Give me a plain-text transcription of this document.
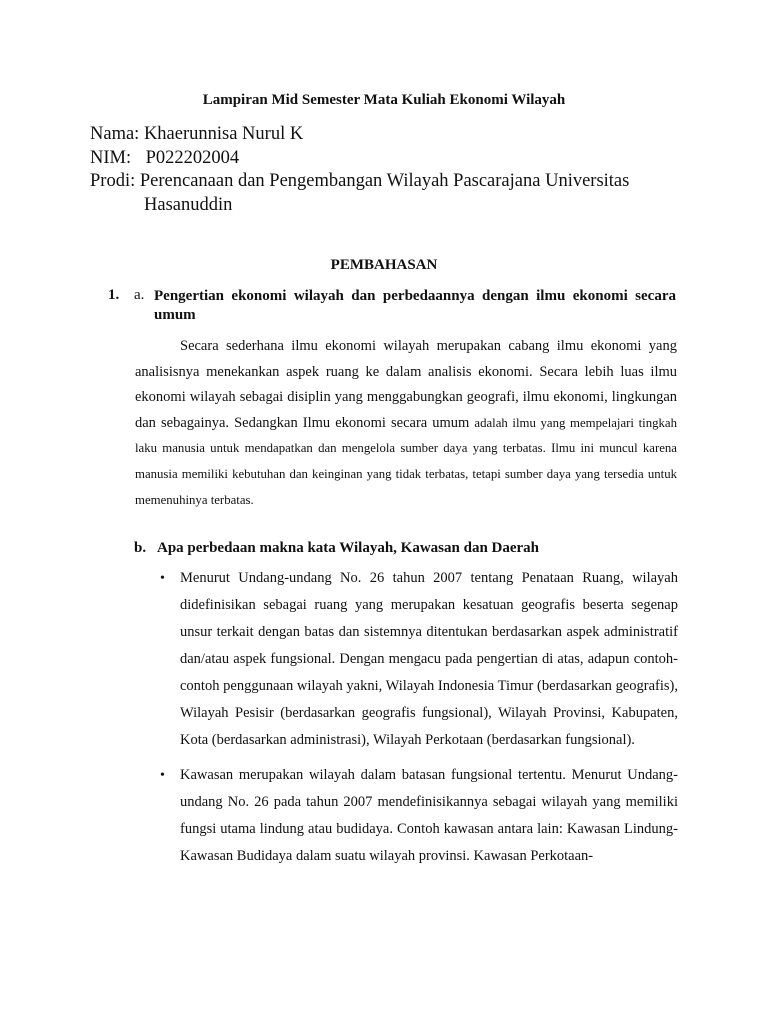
Lampiran Mid Semester Mata Kuliah Ekonomi Wilayah
Nama: Khaerunnisa Nurul K
NIM: P022202004
Prodi: Perencanaan dan Pengembangan Wilayah Pascarajana Universitas
Hasanuddin
PEMBAHASAN
1. a. Pengertian ekonomi wilayah dan perbedaannya dengan ilmu ekonomi secara umum
Secara sederhana ilmu ekonomi wilayah merupakan cabang ilmu ekonomi yang analisisnya menekankan aspek ruang ke dalam analisis ekonomi. Secara lebih luas ilmu ekonomi wilayah sebagai disiplin yang menggabungkan geografi, ilmu ekonomi, lingkungan dan sebagainya. Sedangkan Ilmu ekonomi secara umum adalah ilmu yang mempelajari tingkah laku manusia untuk mendapatkan dan mengelola sumber daya yang terbatas. Ilmu ini muncul karena manusia memiliki kebutuhan dan keinginan yang tidak terbatas, tetapi sumber daya yang tersedia untuk memenuhinya terbatas.
b. Apa perbedaan makna kata Wilayah, Kawasan dan Daerah
• Menurut Undang-undang No. 26 tahun 2007 tentang Penataan Ruang, wilayah didefinisikan sebagai ruang yang merupakan kesatuan geografis beserta segenap unsur terkait dengan batas dan sistemnya ditentukan berdasarkan aspek administratif dan/atau aspek fungsional. Dengan mengacu pada pengertian di atas, adapun contoh-contoh penggunaan wilayah yakni, Wilayah Indonesia Timur (berdasarkan geografis), Wilayah Pesisir (berdasarkan geografis fungsional), Wilayah Provinsi, Kabupaten, Kota (berdasarkan administrasi), Wilayah Perkotaan (berdasarkan fungsional).
• Kawasan merupakan wilayah dalam batasan fungsional tertentu. Menurut Undang-undang No. 26 pada tahun 2007 mendefinisikannya sebagai wilayah yang memiliki fungsi utama lindung atau budidaya. Contoh kawasan antara lain: Kawasan Lindung-Kawasan Budidaya dalam suatu wilayah provinsi. Kawasan Perkotaan-
